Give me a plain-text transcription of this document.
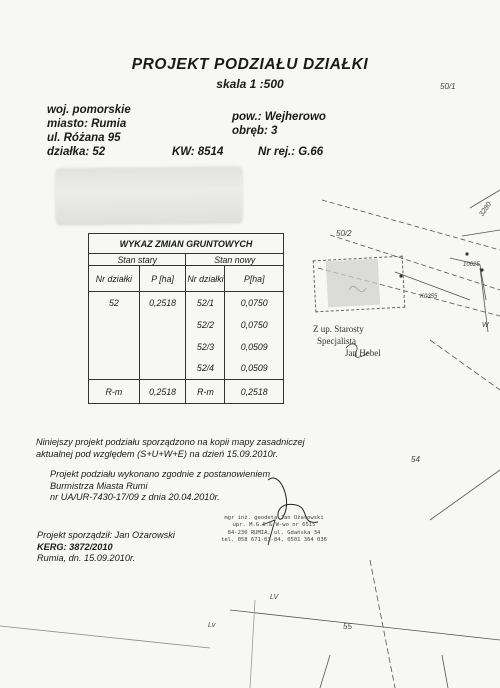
PROJEKT PODZIAŁU DZIAŁKI
skala 1 :500
woj. pomorskie
miasto: Rumia
ul. Różana 95
działka: 52
pow.: Wejherowo
obręb: 3
KW: 8514	Nr rej.: G.66
WYKAZ ZMIAN GRUNTOWYCH			
Stan stary		Stan nowy	
Nr działki	P [ha]	Nr działki	P[ha]
52	0,2518	52/1	0,0750
		52/2	0,0750
		52/3	0,0509
		52/4	0,0509
R-m	0,2518	R-m	0,2518
Z up. Starosty
Specjalista
Jan Hebel
Niniejszy projekt podziału sporządzono na kopii mapy zasadniczej
aktualnej pod względem (S+U+W+E) na dzień 15.09.2010r.
Projekt podziału wykonano zgodnie z postanowieniem
Burmistrza Miasta Rumi
nr UA/UR-7430-17/09 z dnia 20.04.2010r.
Projekt sporządził: Jan Ożarowski
KERG: 3872/2010
Rumia, dn. 15.09.2010r.
mgr inż. geodeta Jan Ożarowski
upr. M.G.S.& W-wo nr 6515
84-230 RUMIA, ul. Gdańska 34
tel. 058 671-03-84, 0501 364 036
50/1
50/2
54
55
10625
K0355
W
3280
LV
Lv
